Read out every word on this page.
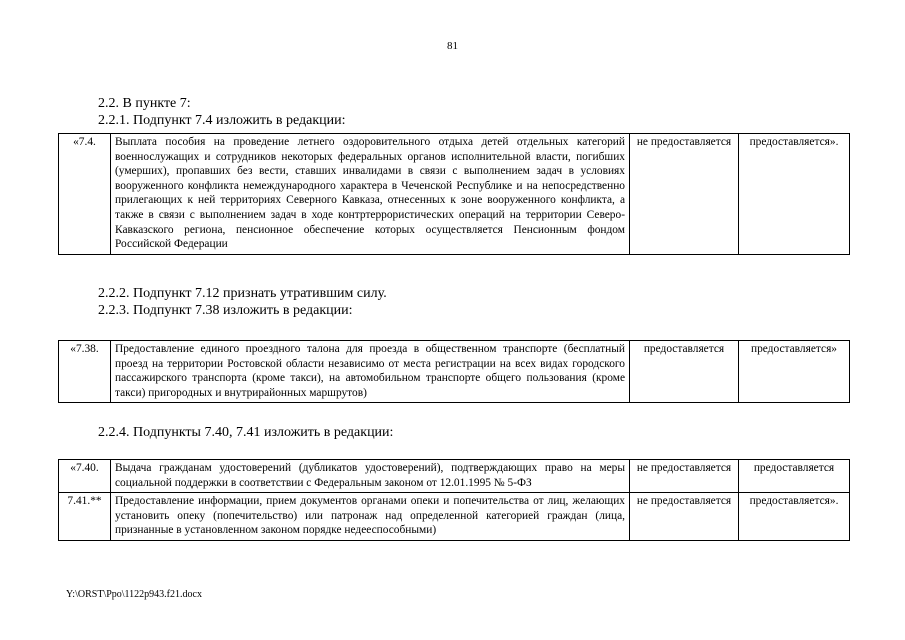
81
2.2. В пункте 7:
2.2.1. Подпункт 7.4 изложить в редакции:
«7.4.	Выплата пособия на проведение летнего оздоровительного отдыха детей отдельных категорий военнослужащих и сотрудников некоторых федеральных органов исполнительной власти, погибших (умерших), пропавших без вести, ставших инвалидами в связи с выполнением задач в условиях вооруженного конфликта немеждународного характера в Чеченской Республике и на непосредственно прилегающих к ней территориях Северного Кавказа, отнесенных к зоне вооруженного конфликта, а также в связи с выполнением задач в ходе контртеррористических операций на территории Северо-Кавказского региона, пенсионное обеспечение которых осуществляется Пенсионным фондом Российской Федерации	не предоставляется	предоставляется».
2.2.2. Подпункт 7.12 признать утратившим силу.
2.2.3. Подпункт 7.38 изложить в редакции:
«7.38.	Предоставление единого проездного талона для проезда в общественном транспорте (бесплатный проезд на территории Ростовской области независимо от места регистрации на всех видах городского пассажирского транспорта (кроме такси), на автомобильном транспорте общего пользования (кроме такси) пригородных и внутрирайонных маршрутов)	предоставляется	предоставляется»
2.2.4. Подпункты 7.40, 7.41 изложить в редакции:
«7.40.	Выдача гражданам удостоверений (дубликатов удостоверений), подтверждающих право на меры социальной поддержки в соответствии с Федеральным законом от 12.01.1995 № 5-ФЗ	не предоставляется	предоставляется
7.41.**	Предоставление информации, прием документов органами опеки и попечительства от лиц, желающих установить опеку (попечительство) или патронаж над определенной категорией граждан (лица, признанные в установленном законом порядке недееспособными)	не предоставляется	предоставляется».
Y:\ORST\Ppo\1122p943.f21.docx
